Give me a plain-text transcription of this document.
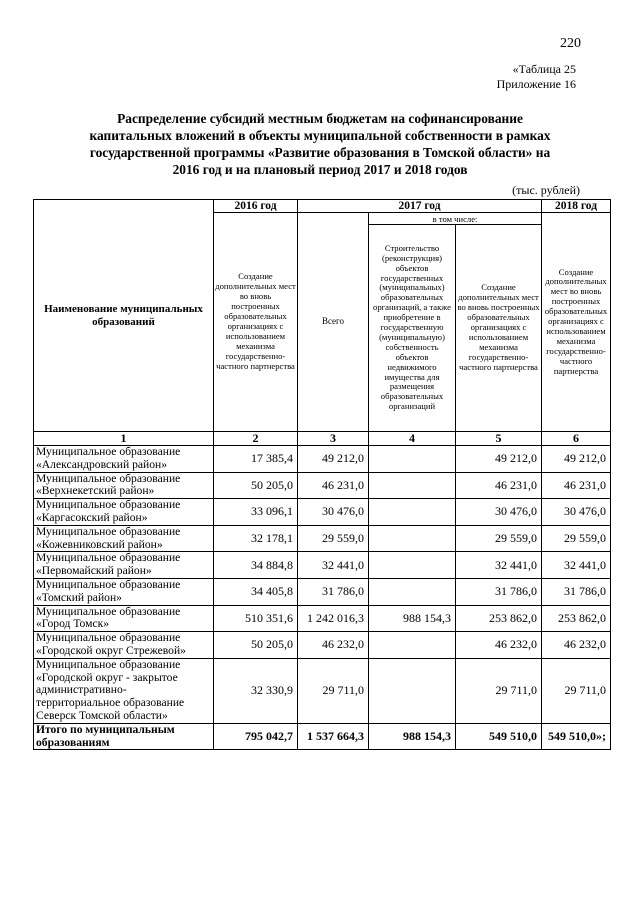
220
«Таблица 25
Приложение 16
Распределение субсидий местным бюджетам на софинансирование
капитальных вложений в объекты муниципальной собственности в рамках
государственной программы «Развитие образования в Томской области» на
2016 год и на плановый период 2017 и 2018 годов
(тыс. рублей)
Наименование муниципальных образований	2016 год	2017 год			2018 год
	Создание дополнительных мест во вновь построенных образовательных организациях с использованием механизма государственно-частного партнерства	Всего	в том числе:		Создание дополнительных мест во вновь построенных образовательных организациях с использованием механизма государственно-частного партнерства
			Строительство (реконструкция) объектов государственных (муниципальных) образовательных организаций, а также приобретение в государственную (муниципальную) собственность объектов недвижимого имущества для размещения образовательных организаций	Создание дополнительных мест во вновь построенных образовательных организациях с использованием механизма государственно-частного партнерства	
1	2	3	4	5	6
Муниципальное образование «Александровский район»	17 385,4	49 212,0		49 212,0	49 212,0
Муниципальное образование «Верхнекетский район»	50 205,0	46 231,0		46 231,0	46 231,0
Муниципальное образование «Каргасокский район»	33 096,1	30 476,0		30 476,0	30 476,0
Муниципальное образование «Кожевниковский район»	32 178,1	29 559,0		29 559,0	29 559,0
Муниципальное образование «Первомайский район»	34 884,8	32 441,0		32 441,0	32 441,0
Муниципальное образование «Томский район»	34 405,8	31 786,0		31 786,0	31 786,0
Муниципальное образование «Город Томск»	510 351,6	1 242 016,3	988 154,3	253 862,0	253 862,0
Муниципальное образование «Городской округ Стрежевой»	50 205,0	46 232,0		46 232,0	46 232,0
Муниципальное образование «Городской округ - закрытое административно-территориальное образование Северск Томской области»	32 330,9	29 711,0		29 711,0	29 711,0
Итого по муниципальным образованиям	795 042,7	1 537 664,3	988 154,3	549 510,0	549 510,0»;
